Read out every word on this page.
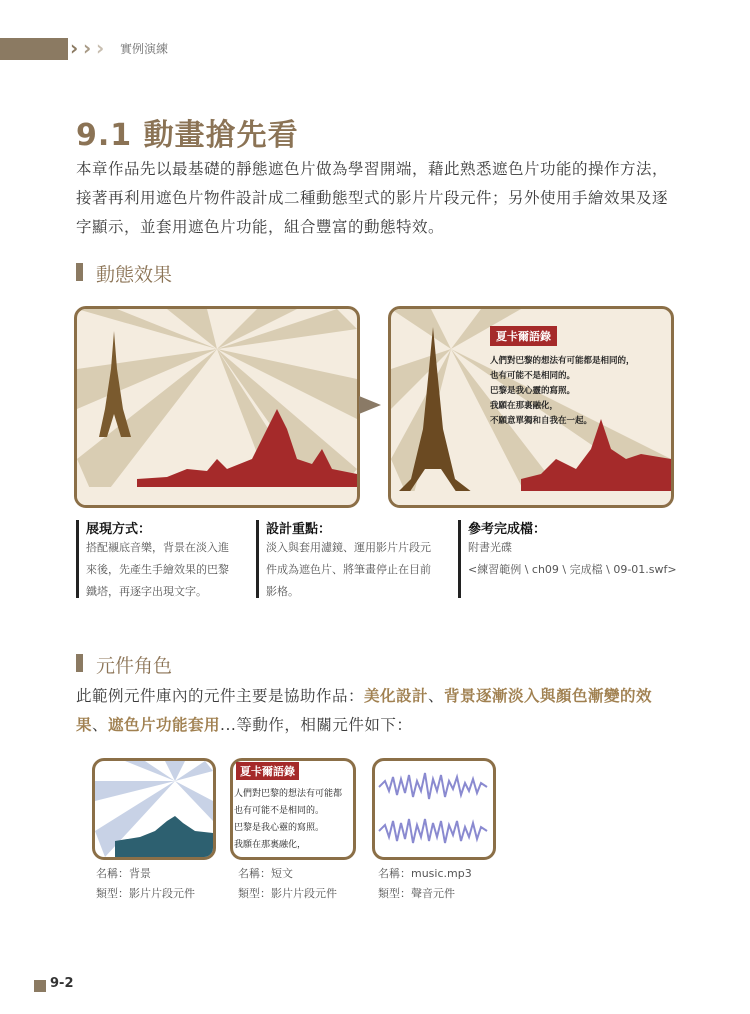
› › › 實例演練
9.1 動畫搶先看
本章作品先以最基礎的靜態遮色片做為學習開端，藉此熟悉遮色片功能的操作方法，接著再利用遮色片物件設計成二種動態型式的影片片段元件；另外使用手繪效果及逐字顯示，並套用遮色片功能，組合豐富的動態特效。
動態效果
夏卡爾語錄
人們對巴黎的想法有可能都是相同的，
也有可能不是相同的。
巴黎是我心靈的寫照。
我願在那裏融化，
不願意單獨和自我在一起。
展現方式：
搭配襯底音樂，背景在淡入進
來後，先產生手繪效果的巴黎
鐵塔，再逐字出現文字。
設計重點：
淡入與套用濾鏡、運用影片片段元
件成為遮色片、將筆畫停止在目前
影格。
參考完成檔：
附書光碟
<練習範例 \ ch09 \ 完成檔 \ 09-01.swf>
元件角色
此範例元件庫內的元件主要是協助作品：美化設計、背景逐漸淡入與顏色漸變的效果、遮色片功能套用...等動作，相關元件如下：
夏卡爾語錄
人們對巴黎的想法有可能都
也有可能不是相同的。
巴黎是我心靈的寫照。
我願在那裏融化，
名稱：背景
類型：影片片段元件
名稱：短文
類型：影片片段元件
名稱：music.mp3
類型：聲音元件
9-2
